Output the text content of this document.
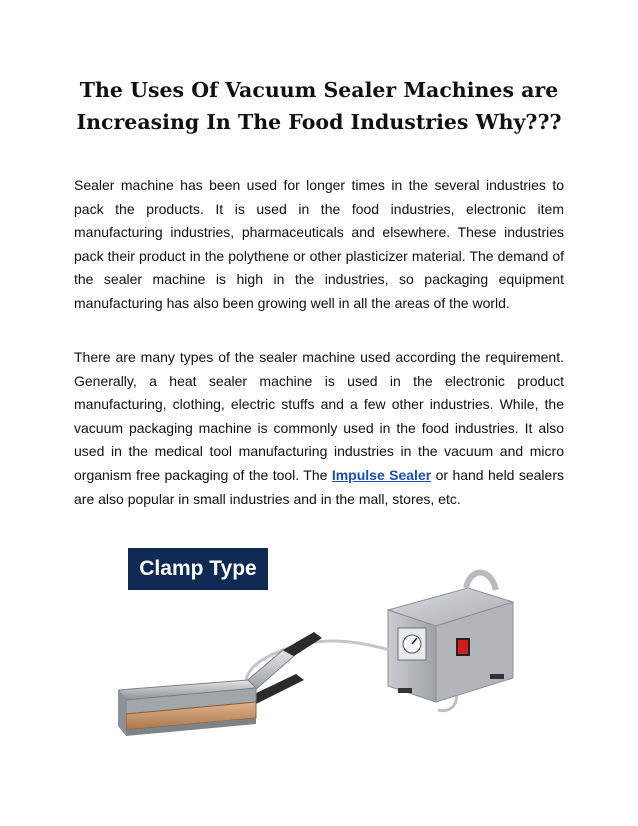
The Uses Of Vacuum Sealer Machines are
Increasing In The Food Industries Why???

Sealer machine has been used for longer times in the several industries to pack the products. It is used in the food industries, electronic item manufacturing industries, pharmaceuticals and elsewhere. These industries pack their product in the polythene or other plasticizer material. The demand of the sealer machine is high in the industries, so packaging equipment manufacturing has also been growing well in all the areas of the world.

There are many types of the sealer machine used according the requirement. Generally, a heat sealer machine is used in the electronic product manufacturing, clothing, electric stuffs and a few other industries. While, the vacuum packaging machine is commonly used in the food industries. It also used in the medical tool manufacturing industries in the vacuum and micro organism free packaging of the tool. The Impulse Sealer or hand held sealers are also popular in small industries and in the mall, stores, etc.

Clamp Type
